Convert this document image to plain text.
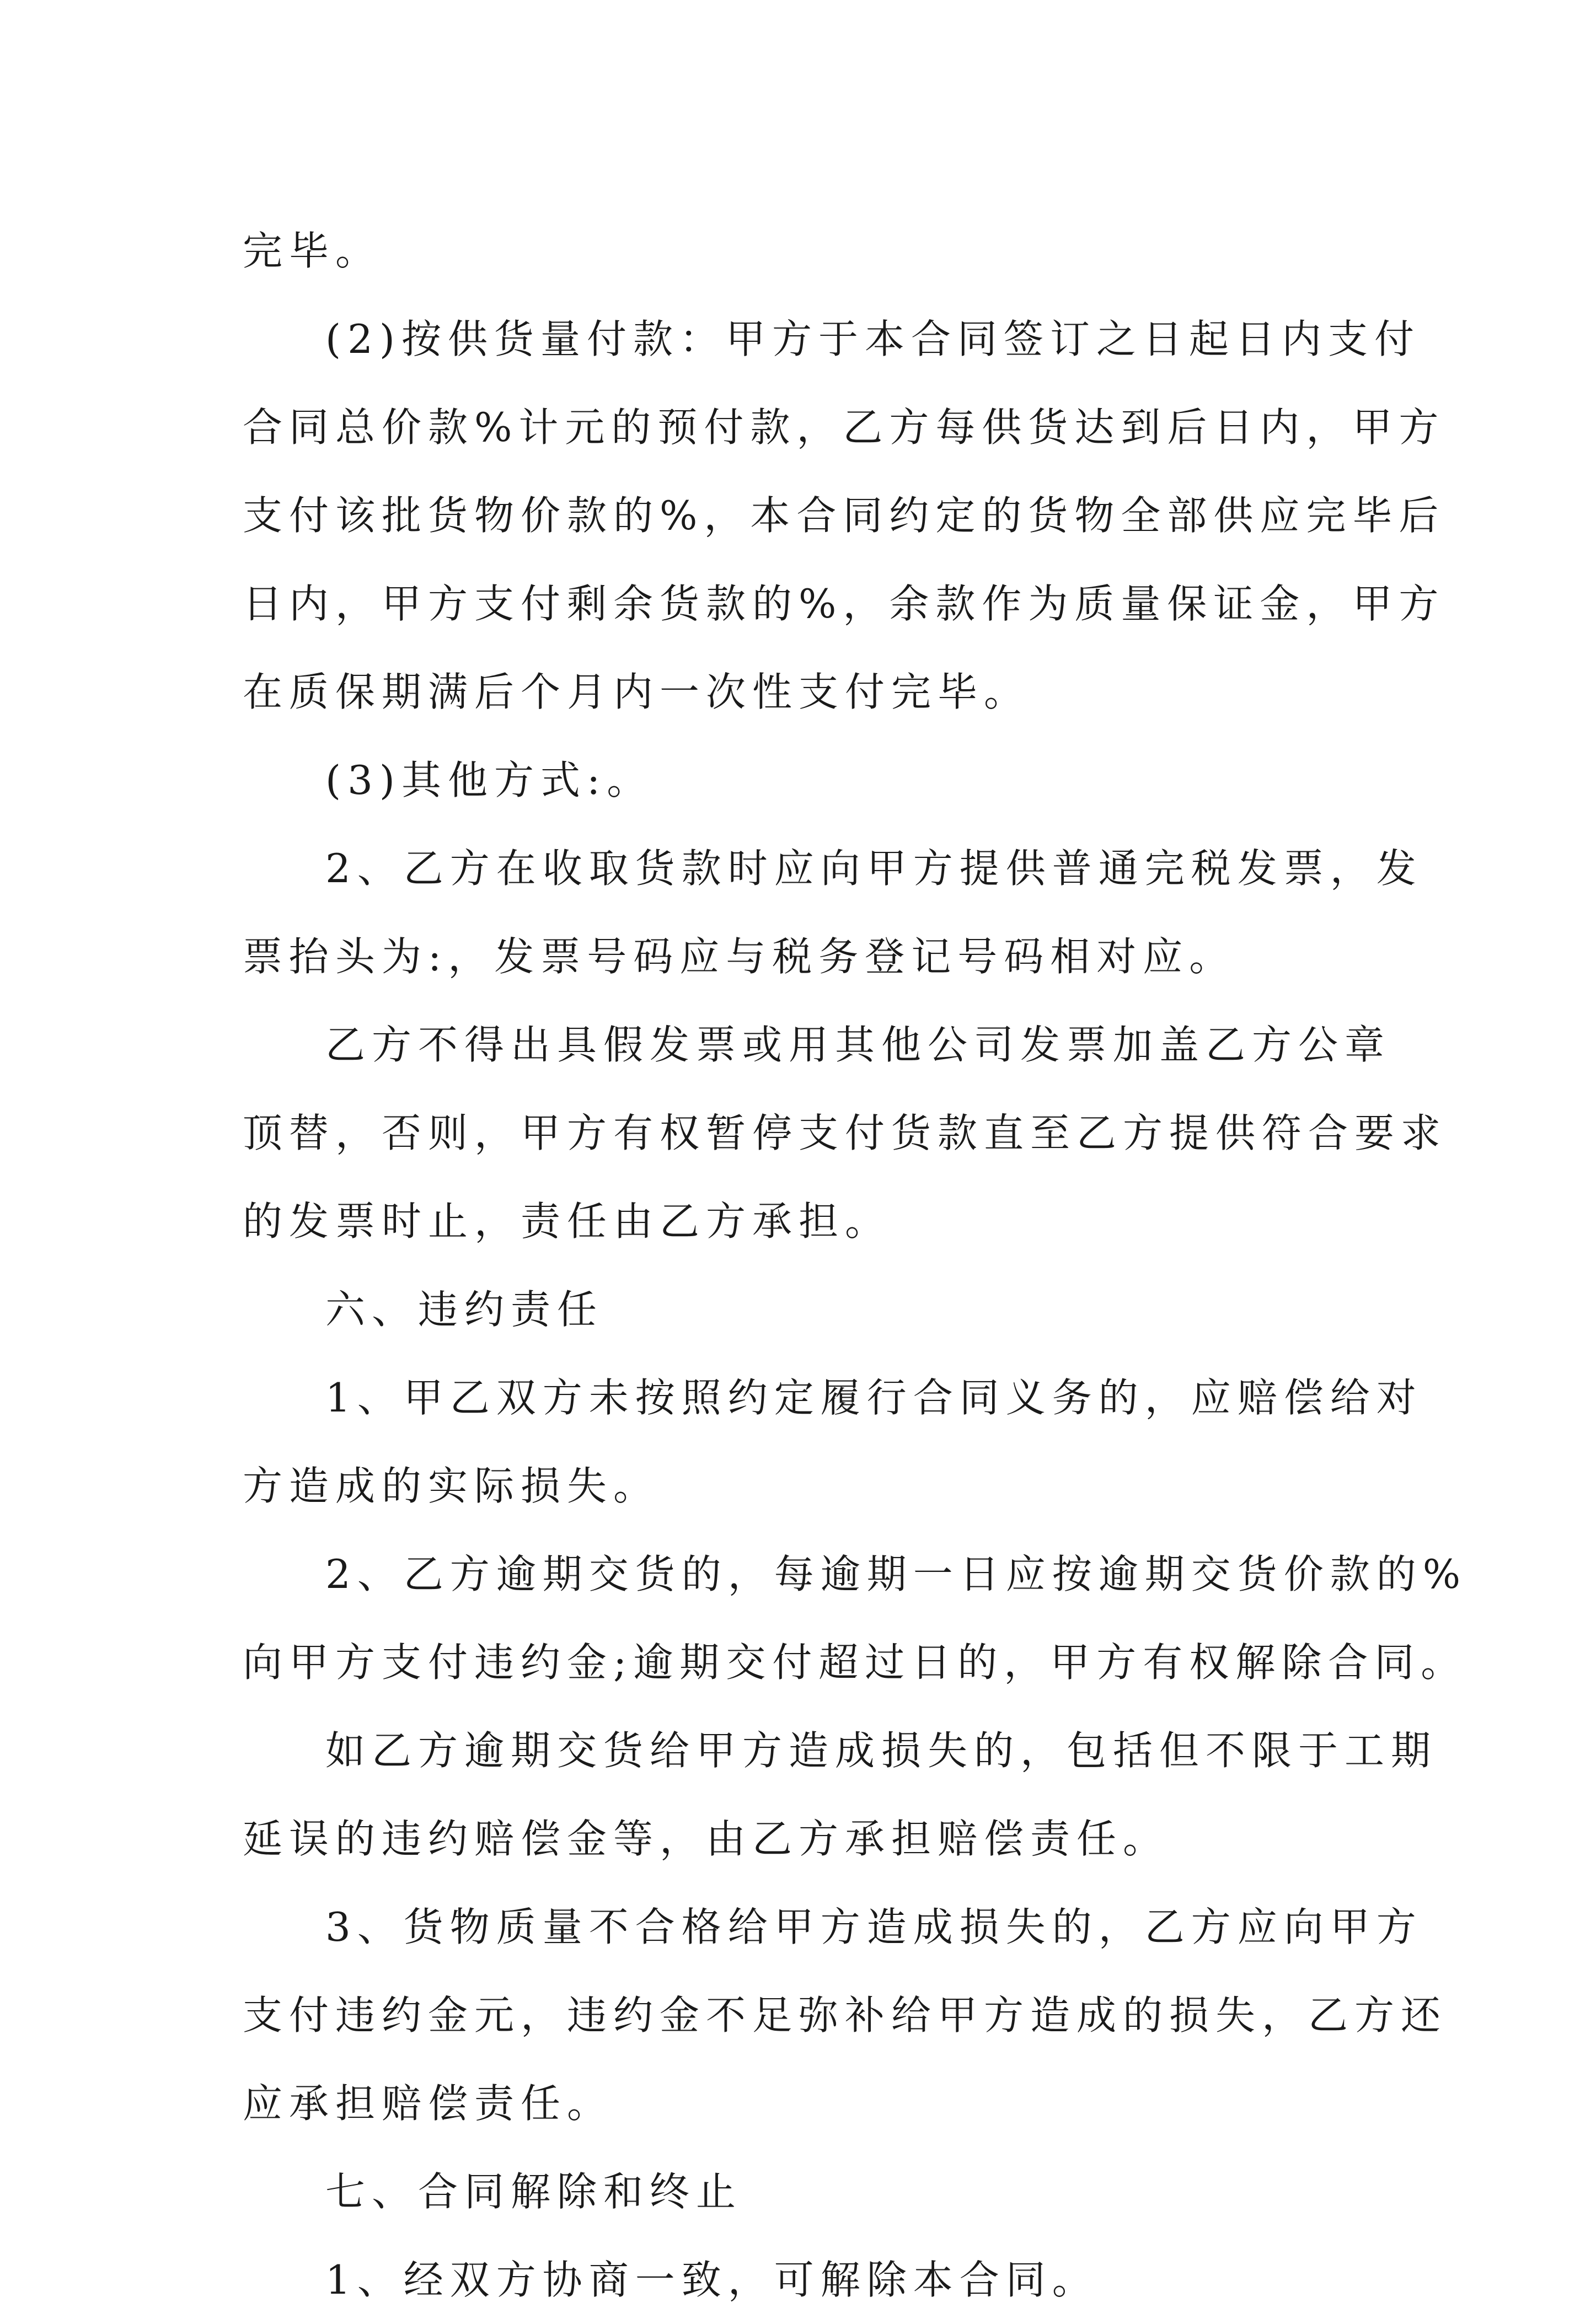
完毕。
(2)按供货量付款：甲方于本合同签订之日起日内支付
合同总价款%计元的预付款，乙方每供货达到后日内，甲方
支付该批货物价款的%，本合同约定的货物全部供应完毕后
日内，甲方支付剩余货款的%，余款作为质量保证金，甲方
在质保期满后个月内一次性支付完毕。
(3)其他方式:。
2、乙方在收取货款时应向甲方提供普通完税发票，发
票抬头为:，发票号码应与税务登记号码相对应。
乙方不得出具假发票或用其他公司发票加盖乙方公章
顶替，否则，甲方有权暂停支付货款直至乙方提供符合要求
的发票时止，责任由乙方承担。
六、违约责任
1、甲乙双方未按照约定履行合同义务的，应赔偿给对
方造成的实际损失。
2、乙方逾期交货的，每逾期一日应按逾期交货价款的%
向甲方支付违约金;逾期交付超过日的，甲方有权解除合同。
如乙方逾期交货给甲方造成损失的，包括但不限于工期
延误的违约赔偿金等，由乙方承担赔偿责任。
3、货物质量不合格给甲方造成损失的，乙方应向甲方
支付违约金元，违约金不足弥补给甲方造成的损失，乙方还
应承担赔偿责任。
七、合同解除和终止
1、经双方协商一致，可解除本合同。
